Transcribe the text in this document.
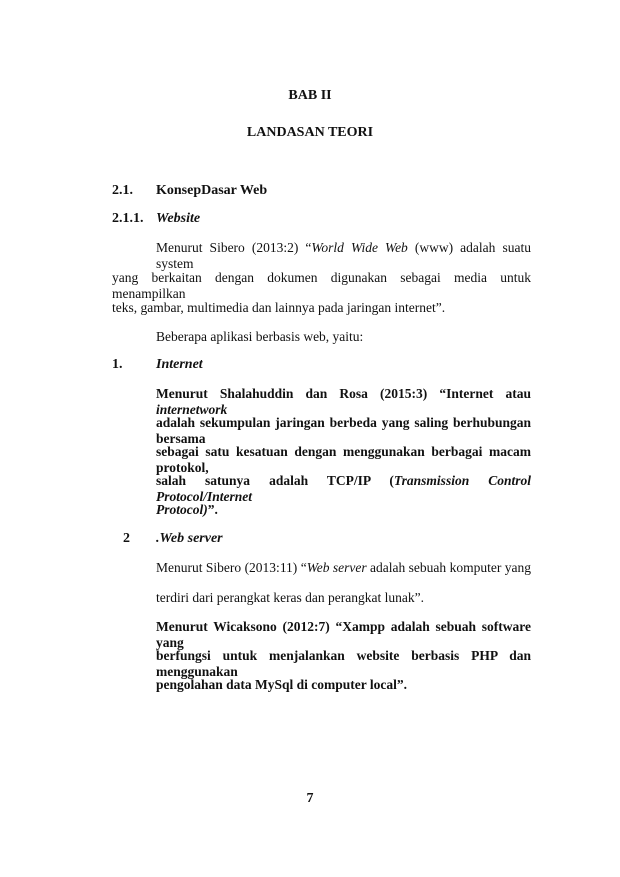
BAB II
LANDASAN TEORI
2.1. KonsepDasar Web
2.1.1. Website
Menurut Sibero (2013:2) “World Wide Web (www) adalah suatu system
yang berkaitan dengan dokumen digunakan sebagai media untuk menampilkan
teks, gambar, multimedia dan lainnya pada jaringan internet”.
Beberapa aplikasi berbasis web, yaitu:
1. Internet
Menurut Shalahuddin dan Rosa (2015:3) “Internet atau internetwork
adalah sekumpulan jaringan berbeda yang saling berhubungan bersama
sebagai satu kesatuan dengan menggunakan berbagai macam protokol,
salah satunya adalah TCP/IP (Transmission Control Protocol/Internet
Protocol)”.
2 .Web server
Menurut Sibero (2013:11) “Web server adalah sebuah komputer yang
terdiri dari perangkat keras dan perangkat lunak”.
Menurut Wicaksono (2012:7) “Xampp adalah sebuah software yang
berfungsi untuk menjalankan website berbasis PHP dan menggunakan
pengolahan data MySql di computer local”.
7
